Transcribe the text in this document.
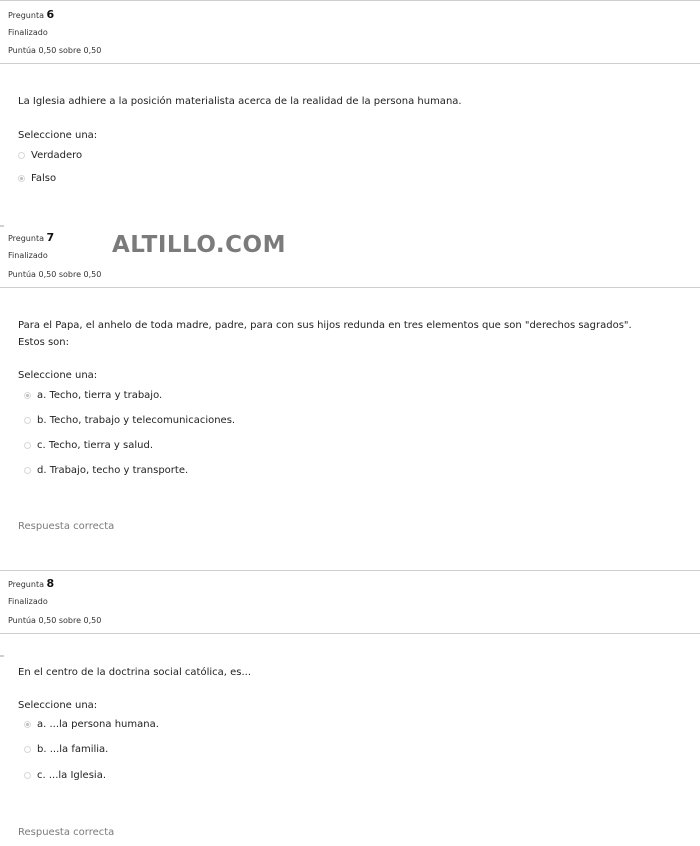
Pregunta 6
Finalizado
Puntúa 0,50 sobre 0,50
La Iglesia adhiere a la posición materialista acerca de la realidad de la persona humana.
Seleccione una:
Verdadero
Falso
Pregunta 7	ALTILLO.COM
Finalizado
Puntúa 0,50 sobre 0,50
Para el Papa, el anhelo de toda madre, padre, para con sus hijos redunda en tres elementos que son "derechos sagrados".
Estos son:
Seleccione una:
a. Techo, tierra y trabajo.
b. Techo, trabajo y telecomunicaciones.
c. Techo, tierra y salud.
d. Trabajo, techo y transporte.
Respuesta correcta
Pregunta 8
Finalizado
Puntúa 0,50 sobre 0,50
En el centro de la doctrina social católica, es...
Seleccione una:
a. ...la persona humana.
b. ...la familia.
c. ...la Iglesia.
Respuesta correcta
